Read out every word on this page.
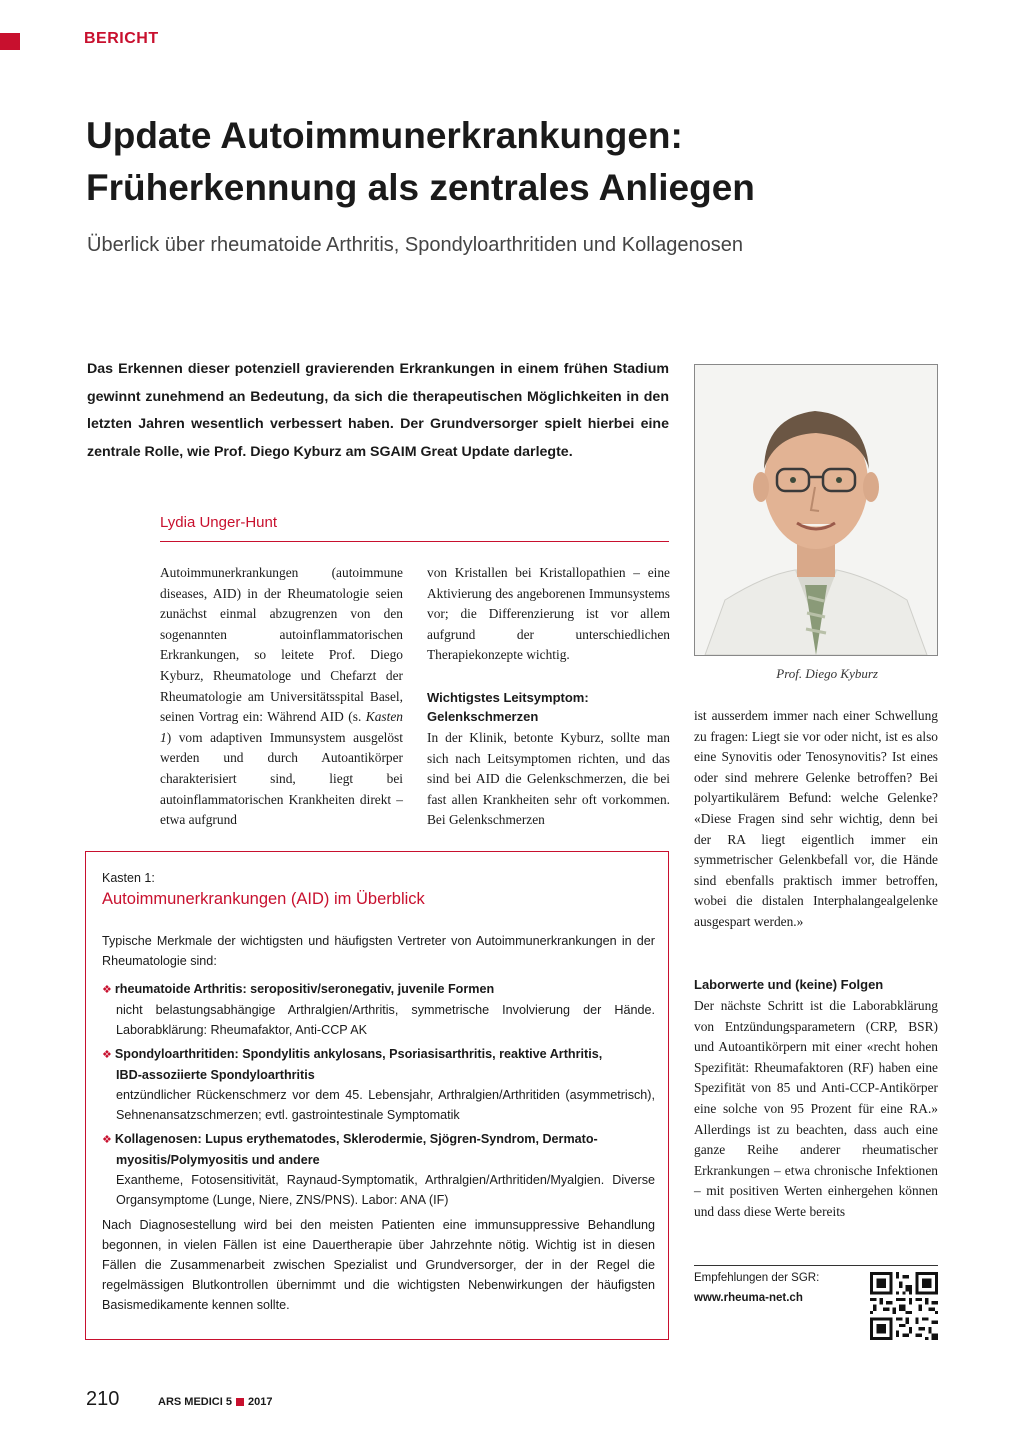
BERICHT
Update Autoimmunerkrankungen:
Früherkennung als zentrales Anliegen

Überlick über rheumatoide Arthritis, Spondyloarthritiden und Kollagenosen

Das Erkennen dieser potenziell gravierenden Erkrankungen in einem frühen Stadium gewinnt zunehmend an Bedeutung, da sich die therapeutischen Möglichkeiten in den letzten Jahren wesentlich verbessert haben. Der Grundversorger spielt hierbei eine zentrale Rolle, wie Prof. Diego Kyburz am SGAIM Great Update darlegte.

Lydia Unger-Hunt

Autoimmunerkrankungen (autoimmune diseases, AID) in der Rheumatologie seien zunächst einmal abzugrenzen von den sogenannten autoinflammatorischen Erkrankungen, so leitete Prof. Diego Kyburz, Rheumatologe und Chefarzt der Rheumatologie am Universitätsspital Basel, seinen Vortrag ein: Während AID (s. Kasten 1) vom adaptiven Immunsystem ausgelöst werden und durch Autoantikörper charakterisiert sind, liegt bei autoinflammatorischen Krankheiten direkt – etwa aufgrund

von Kristallen bei Kristallopathien – eine Aktivierung des angeborenen Immunsystems vor; die Differenzierung ist vor allem aufgrund der unterschiedlichen Therapiekonzepte wichtig.

Wichtigstes Leitsymptom:
Gelenkschmerzen

In der Klinik, betonte Kyburz, sollte man sich nach Leitsymptomen richten, und das sind bei AID die Gelenkschmerzen, die bei fast allen Krankheiten sehr oft vorkommen. Bei Gelenkschmerzen

Prof. Diego Kyburz

ist ausserdem immer nach einer Schwellung zu fragen: Liegt sie vor oder nicht, ist es also eine Synovitis oder Tenosynovitis? Ist eines oder sind mehrere Gelenke betroffen? Bei polyartikulärem Befund: welche Gelenke? «Diese Fragen sind sehr wichtig, denn bei der RA liegt eigentlich immer ein symmetrischer Gelenkbefall vor, die Hände sind ebenfalls praktisch immer betroffen, wobei die distalen Interphalangealgelenke ausgespart werden.»

Laborwerte und (keine) Folgen

Der nächste Schritt ist die Laborabklärung von Entzündungsparametern (CRP, BSR) und Autoantikörpern mit einer «recht hohen Spezifität: Rheumafaktoren (RF) haben eine Spezifität von 85 und Anti-CCP-Antikörper eine solche von 95 Prozent für eine RA.» Allerdings ist zu beachten, dass auch eine ganze Reihe anderer rheumatischer Erkrankungen – etwa chronische Infektionen – mit positiven Werten einhergehen können und dass diese Werte bereits

Kasten 1:
Autoimmunerkrankungen (AID) im Überblick

Typische Merkmale der wichtigsten und häufigsten Vertreter von Autoimmunerkrankungen in der Rheumatologie sind:

❖ rheumatoide Arthritis: seropositiv/seronegativ, juvenile Formen
nicht belastungsabhängige Arthralgien/Arthritis, symmetrische Involvierung der Hände. Laborabklärung: Rheumafaktor, Anti-CCP AK
❖ Spondyloarthritiden: Spondylitis ankylosans, Psoriasisarthritis, reaktive Arthritis,
IBD-assoziierte Spondyloarthritis
entzündlicher Rückenschmerz vor dem 45. Lebensjahr, Arthralgien/Arthritiden (asymmetrisch), Sehnenansatzschmerzen; evtl. gastrointestinale Symptomatik
❖ Kollagenosen: Lupus erythematodes, Sklerodermie, Sjögren-Syndrom, Dermato-
myositis/Polymyositis und andere
Exantheme, Fotosensitivität, Raynaud-Symptomatik, Arthralgien/Arthritiden/Myalgien. Diverse Organsymptome (Lunge, Niere, ZNS/PNS). Labor: ANA (IF)

Nach Diagnosestellung wird bei den meisten Patienten eine immunsuppressive Behandlung begonnen, in vielen Fällen ist eine Dauertherapie über Jahrzehnte nötig. Wichtig ist in diesen Fällen die Zusammenarbeit zwischen Spezialist und Grundversorger, der in der Regel die regelmässigen Blutkontrollen übernimmt und die wichtigsten Nebenwirkungen der häufigsten Basismedikamente kennen sollte.

Empfehlungen der SGR:
www.rheuma-net.ch
210	ARS MEDICI 5 2017
